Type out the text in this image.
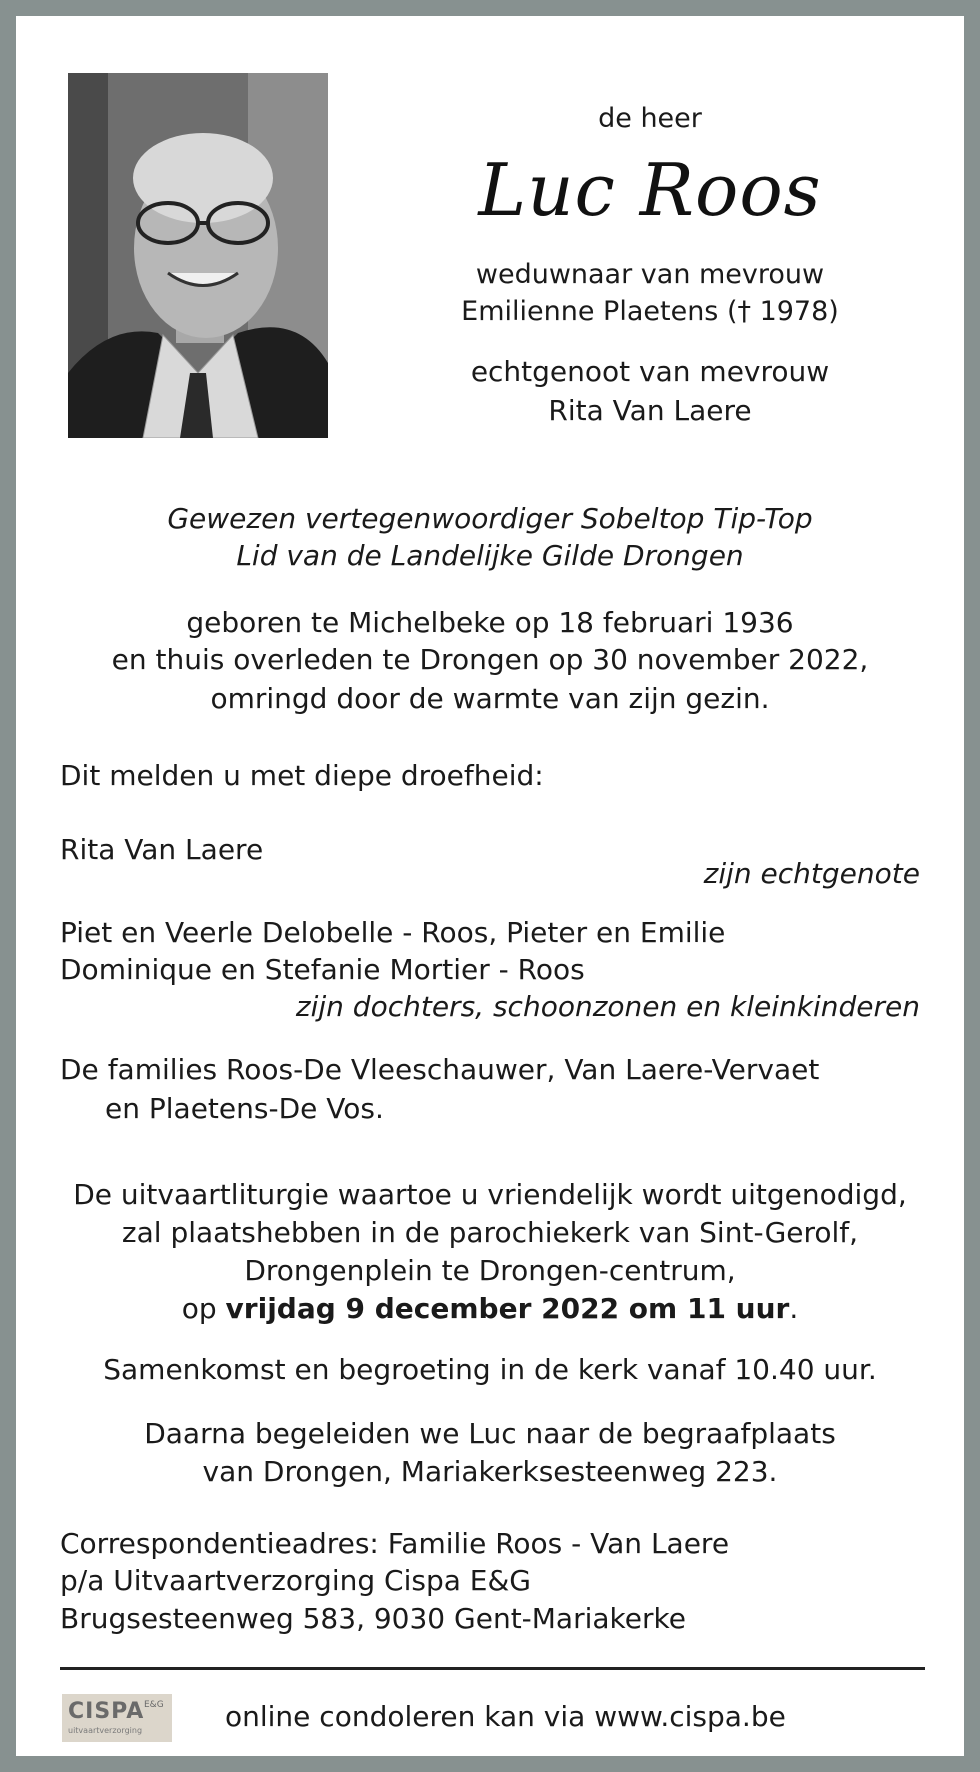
de heer

Luc Roos

weduwnaar van mevrouw

Emilienne Plaetens († 1978)

echtgenoot van mevrouw

Rita Van Laere

Gewezen vertegenwoordiger Sobeltop Tip-Top

Lid van de Landelijke Gilde Drongen

geboren te Michelbeke op 18 februari 1936

en thuis overleden te Drongen op 30 november 2022,

omringd door de warmte van zijn gezin.

Dit melden u met diepe droefheid:

Rita Van Laere

zijn echtgenote

Piet en Veerle Delobelle - Roos, Pieter en Emilie

Dominique en Stefanie Mortier - Roos

zijn dochters, schoonzonen en kleinkinderen

De families Roos-De Vleeschauwer, Van Laere-Vervaet

en Plaetens-De Vos.

De uitvaartliturgie waartoe u vriendelijk wordt uitgenodigd,

zal plaatshebben in de parochiekerk van Sint-Gerolf,

Drongenplein te Drongen-centrum,

op vrijdag 9 december 2022 om 11 uur.

Samenkomst en begroeting in de kerk vanaf 10.40 uur.

Daarna begeleiden we Luc naar de begraafplaats

van Drongen, Mariakerksesteenweg 223.

Correspondentieadres: Familie Roos - Van Laere

p/a Uitvaartverzorging Cispa E&G

Brugsesteenweg 583, 9030 Gent-Mariakerke

CISPA E&G
uitvaartverzorging	online condoleren kan via www.cispa.be
